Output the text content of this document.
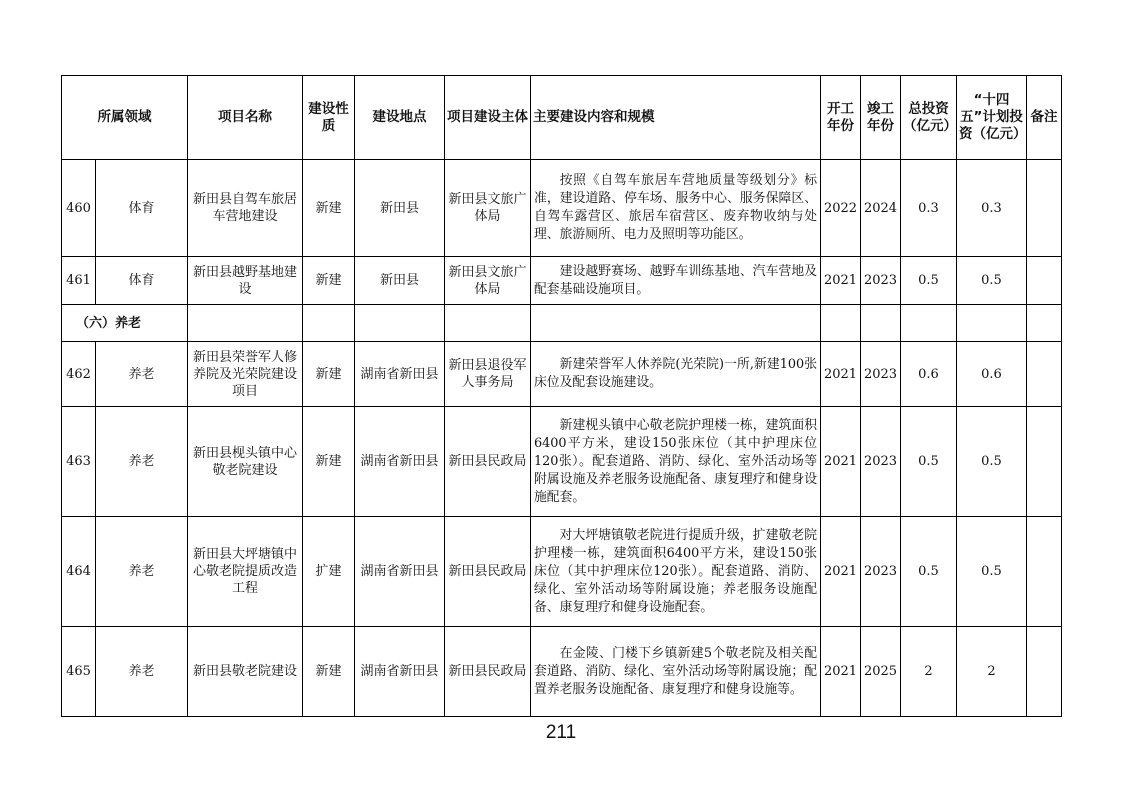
所属领域		项目名称	建设性质	建设地点	项目建设主体	主要建设内容和规模	开工年份	竣工年份	总投资（亿元）	“十四五”计划投资（亿元）	备注
460	体育	新田县自驾车旅居车营地建设	新建	新田县	新田县文旅广体局	按照《自驾车旅居车营地质量等级划分》标准，建设道路、停车场、服务中心、服务保障区、自驾车露营区、旅居车宿营区、废弃物收纳与处理、旅游厕所、电力及照明等功能区。	2022	2024	0.3	0.3	
461	体育	新田县越野基地建设	新建	新田县	新田县文旅广体局	建设越野赛场、越野车训练基地、汽车营地及配套基础设施项目。	2021	2023	0.5	0.5	
（六）养老											
462	养老	新田县荣誉军人修养院及光荣院建设项目	新建	湖南省新田县	新田县退役军人事务局	新建荣誉军人休养院(光荣院)一所,新建100张床位及配套设施建设。	2021	2023	0.6	0.6	
463	养老	新田县枧头镇中心敬老院建设	新建	湖南省新田县	新田县民政局	新建枧头镇中心敬老院护理楼一栋，建筑面积6400平方米，建设150张床位（其中护理床位120张）。配套道路、消防、绿化、室外活动场等附属设施及养老服务设施配备、康复理疗和健身设施配套。	2021	2023	0.5	0.5	
464	养老	新田县大坪塘镇中心敬老院提质改造工程	扩建	湖南省新田县	新田县民政局	对大坪塘镇敬老院进行提质升级，扩建敬老院护理楼一栋，建筑面积6400平方米，建设150张床位（其中护理床位120张）。配套道路、消防、绿化、室外活动场等附属设施；养老服务设施配备、康复理疗和健身设施配套。	2021	2023	0.5	0.5	
465	养老	新田县敬老院建设	新建	湖南省新田县	新田县民政局	在金陵、门楼下乡镇新建5个敬老院及相关配套道路、消防、绿化、室外活动场等附属设施；配置养老服务设施配备、康复理疗和健身设施等。	2021	2025	2	2	
211
